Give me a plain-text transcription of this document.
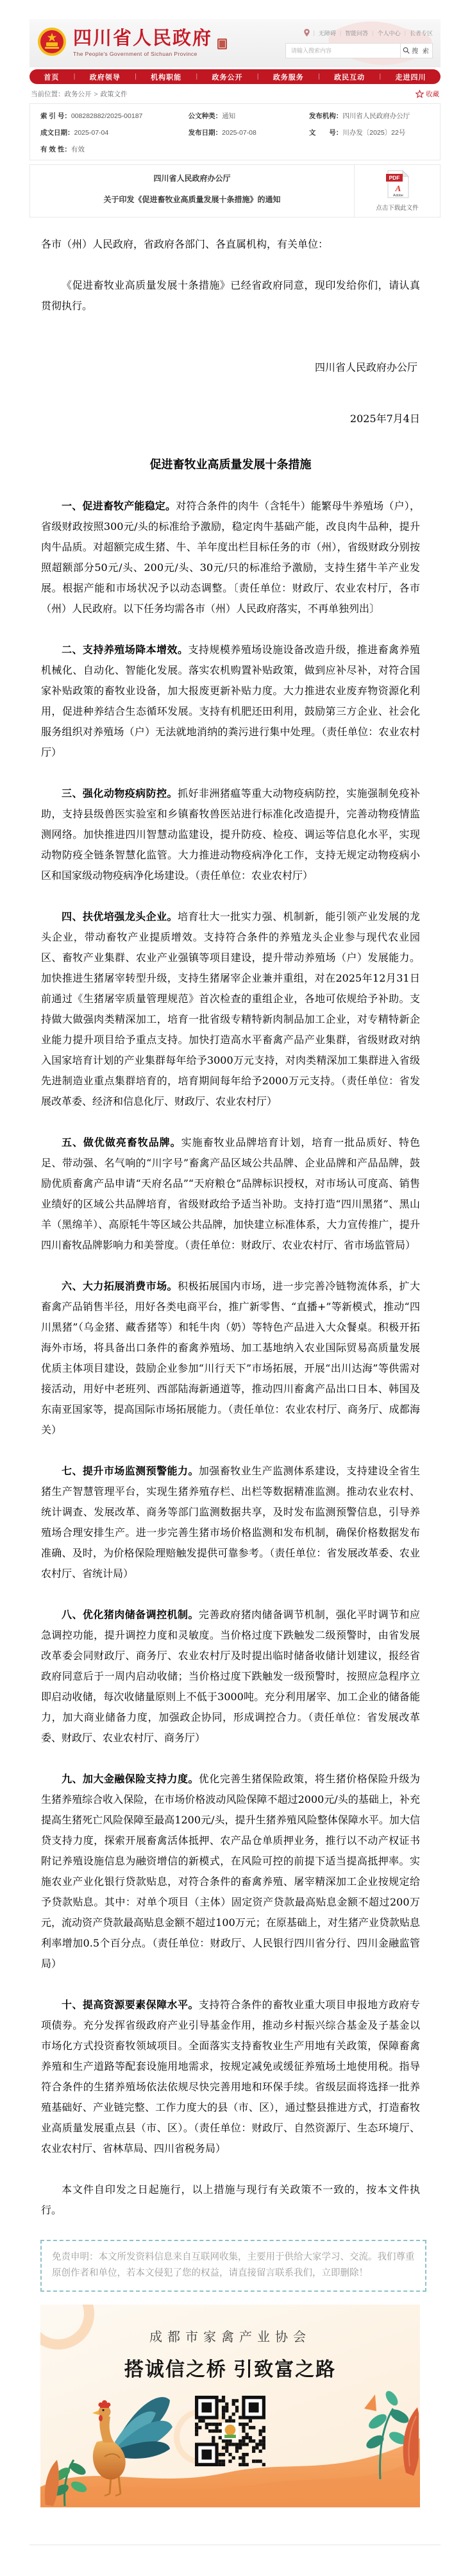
四川省人民政府
The People's Government of Sichuan Province
| 无障碍 | 智能问答 | 个人中心 | 长者专区
请输入搜索内容
搜 索
首页 | 政府领导 | 机构职能 | 政务公开 | 政务服务 | 政民互动 | 走进四川
当前位置：政务公开 > 政策文件	收藏
索 引 号：008282882/2025-00187	公文种类：通知	发布机构：四川省人民政府办公厅
成文日期：2025-07-04	发布日期：2025-07-08	文　　号：川办发〔2025〕22号
有 效 性：有效
四川省人民政府办公厅
关于印发《促进畜牧业高质量发展十条措施》的通知
PDF
A
Adobe
点击下载此文件

各市（州）人民政府，省政府各部门、各直属机构，有关单位：

《促进畜牧业高质量发展十条措施》已经省政府同意，现印发给你们，请认真贯彻执行。

四川省人民政府办公厅

2025年7月4日

促进畜牧业高质量发展十条措施

一、促进畜牧产能稳定。对符合条件的肉牛（含牦牛）能繁母牛养殖场（户），省级财政按照300元/头的标准给予激励，稳定肉牛基础产能，改良肉牛品种，提升肉牛品质。对超额完成生猪、牛、羊年度出栏目标任务的市（州），省级财政分别按照超额部分50元/头、200元/头、30元/只的标准给予激励，支持生猪牛羊产业发展。根据产能和市场状况予以动态调整。〔责任单位：财政厅、农业农村厅，各市（州）人民政府。以下任务均需各市（州）人民政府落实，不再单独列出〕

二、支持养殖场降本增效。支持规模养殖场设施设备改造升级，推进畜禽养殖机械化、自动化、智能化发展。落实农机购置补贴政策，做到应补尽补，对符合国家补贴政策的畜牧业设备，加大报废更新补贴力度。大力推进农业废弃物资源化利用，促进种养结合生态循环发展。支持有机肥还田利用，鼓励第三方企业、社会化服务组织对养殖场（户）无法就地消纳的粪污进行集中处理。（责任单位：农业农村厅）

三、强化动物疫病防控。抓好非洲猪瘟等重大动物疫病防控，实施强制免疫补助，支持县级兽医实验室和乡镇畜牧兽医站进行标准化改造提升，完善动物疫情监测网络。加快推进四川智慧动监建设，提升防疫、检疫、调运等信息化水平，实现动物防疫全链条智慧化监管。大力推进动物疫病净化工作，支持无规定动物疫病小区和国家级动物疫病净化场建设。（责任单位：农业农村厅）

四、扶优培强龙头企业。培育壮大一批实力强、机制新，能引领产业发展的龙头企业，带动畜牧产业提质增效。支持符合条件的养殖龙头企业参与现代农业园区、畜牧产业集群、农业产业强镇等项目建设，提升带动养殖场（户）发展能力。加快推进生猪屠宰转型升级，支持生猪屠宰企业兼并重组，对在2025年12月31日前通过《生猪屠宰质量管理规范》首次检查的重组企业，各地可依规给予补助。支持做大做强肉类精深加工，培育一批省级专精特新肉制品加工企业，对专精特新企业能力提升项目给予重点支持。加快打造高水平畜禽产品产业集群，省级财政对纳入国家培育计划的产业集群每年给予3000万元支持，对肉类精深加工集群进入省级先进制造业重点集群培育的，培育期间每年给予2000万元支持。（责任单位：省发展改革委、经济和信息化厅、财政厅、农业农村厅）

五、做优做亮畜牧品牌。实施畜牧业品牌培育计划，培育一批品质好、特色足、带动强、名气响的“川字号”畜禽产品区域公共品牌、企业品牌和产品品牌，鼓励优质畜禽产品申请“天府名品”“天府粮仓”品牌标识授权，对市场认可度高、销售业绩好的区域公共品牌培育，省级财政给予适当补助。支持打造“四川黑猪”、黑山羊（黑绵羊）、高原牦牛等区域公共品牌，加快建立标准体系，大力宣传推广，提升四川畜牧品牌影响力和美誉度。（责任单位：财政厅、农业农村厅、省市场监管局）

六、大力拓展消费市场。积极拓展国内市场，进一步完善冷链物流体系，扩大畜禽产品销售半径，用好各类电商平台，推广新零售、“直播+”等新模式，推动“四川黑猪”（乌金猪、藏香猪等）和牦牛肉（奶）等特色产品进入大众餐桌。积极开拓海外市场，将具备出口条件的畜禽养殖场、加工基地纳入农业国际贸易高质量发展优质主体项目建设，鼓励企业参加“川行天下”市场拓展，开展“出川达海”等供需对接活动，用好中老班列、西部陆海新通道等，推动四川畜禽产品出口日本、韩国及东南亚国家等，提高国际市场拓展能力。（责任单位：农业农村厅、商务厅、成都海关）

七、提升市场监测预警能力。加强畜牧业生产监测体系建设，支持建设全省生猪生产智慧管理平台，实现生猪养殖存栏、出栏等数据精准监测。推动农业农村、统计调查、发展改革、商务等部门监测数据共享，及时发布监测预警信息，引导养殖场合理安排生产。进一步完善生猪市场价格监测和发布机制，确保价格数据发布准确、及时，为价格保险理赔触发提供可靠参考。（责任单位：省发展改革委、农业农村厅、省统计局）

八、优化猪肉储备调控机制。完善政府猪肉储备调节机制，强化平时调节和应急调控功能，提升调控力度和灵敏度。当价格过度下跌触发二级预警时，由省发展改革委会同财政厅、商务厅、农业农村厅及时提出临时储备收储计划建议，报经省政府同意后于一周内启动收储；当价格过度下跌触发一级预警时，按照应急程序立即启动收储，每次收储量原则上不低于3000吨。充分利用屠宰、加工企业的储备能力，加大商业储备力度，加强政企协同，形成调控合力。（责任单位：省发展改革委、财政厅、农业农村厅、商务厅）

九、加大金融保险支持力度。优化完善生猪保险政策，将生猪价格保险升级为生猪养殖综合收入保险，在市场价格波动风险保障不超过2000元/头的基础上，补充提高生猪死亡风险保障至最高1200元/头，提升生猪养殖风险整体保障水平。加大信贷支持力度，探索开展畜禽活体抵押、农产品仓单质押业务，推行以不动产权证书附记养殖设施信息为融资增信的新模式，在风险可控的前提下适当提高抵押率。实施农业产业化银行贷款贴息，对符合条件的畜禽养殖、屠宰精深加工企业按规定给予贷款贴息。其中：对单个项目（主体）固定资产贷款最高贴息金额不超过200万元，流动资产贷款最高贴息金额不超过100万元；在原基础上，对生猪产业贷款贴息利率增加0.5个百分点。（责任单位：财政厅、人民银行四川省分行、四川金融监管局）

十、提高资源要素保障水平。支持符合条件的畜牧业重大项目申报地方政府专项债券。充分发挥省级政府产业引导基金作用，推动乡村振兴综合基金及子基金以市场化方式投资畜牧领域项目。全面落实支持畜牧业生产用地有关政策，保障畜禽养殖和生产道路等配套设施用地需求，按规定减免或缓征养殖场土地使用税。指导符合条件的生猪养殖场依法依规尽快完善用地和环保手续。省级层面将选择一批养殖基础好、产业链完整、工作力度大的县（市、区），通过整县推进方式，打造畜牧业高质量发展重点县（市、区）。（责任单位：财政厅、自然资源厅、生态环境厅、农业农村厅、省林草局、四川省税务局）

本文件自印发之日起施行，以上措施与现行有关政策不一致的，按本文件执行。

免责申明：本文所发资料信息来自互联网收集，主要用于供给大家学习、交流。我们尊重原创作者和单位，若本文侵犯了您的权益，请直接留言联系我们，立即删除！
成都市家禽产业协会
搭诚信之桥 引致富之路
